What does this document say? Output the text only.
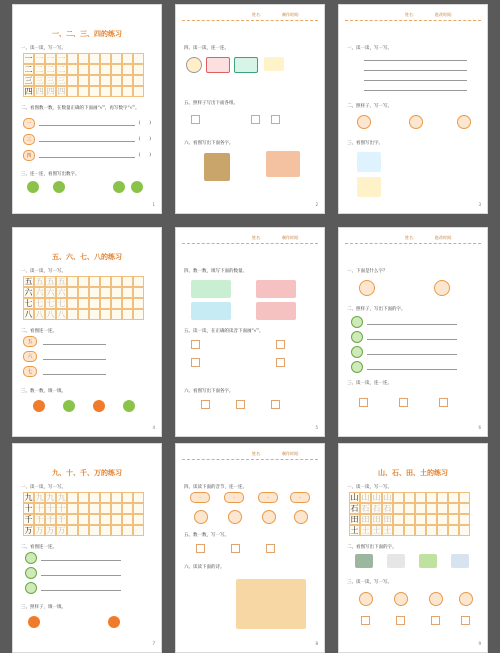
一、二、三、四的练习
一、读一读，写一写。
一 一 一 一
二 二 二 二
三 三 三 三
四 四 四 四
二、看图数一数，在数量正确的下面画“√”，再写数字“√”。
一	(　　)
三	(　　)
四	(　　)
三、连一连，看图写出数字。
1
姓名：	制作时间：
四、读一读，连一连。
五、照样子写出下面各组。
六、看图写出下面各字。
2
姓名：	批改时间：
一、读一读，写一写。
二、照样子，写一写。
三、看图写出字。
3
五、六、七、八的练习
一、读一读，写一写。
五 五 五 五
六 六 六 六
七 七 七 七
八 八 八 八
二、看图连一连。
五
六
七
三、数一数，填一填。
4
姓名：	制作时间：
四、数一数，填写下面的数量。
五、读一读，在正确的读音下面画“√”。
六、看图写出下面各字。
5
姓名：	批改时间：
一、下面是什么字？
二、照样子，写出下面的字。
三、读一读，连一连。
6
九、十、千、万的练习
一、读一读，写一写。
九 九 九 九
十 十 十 十
千 千 千 千
万 万 万 万
二、看图连一连。
三、照样子，填一填。
7
姓名：	制作时间：
四、读读下面的音节，连一连。
·	·	·	·
五、数一数，写一写。
六、读读下面的诗。
8
山、石、田、土的练习
一、读一读，写一写。
山 山 山 山
石 石 石 石
田 田 田 田
土 土 土 土
二、看图写出下面的字。
三、读一读，写一写。
9
